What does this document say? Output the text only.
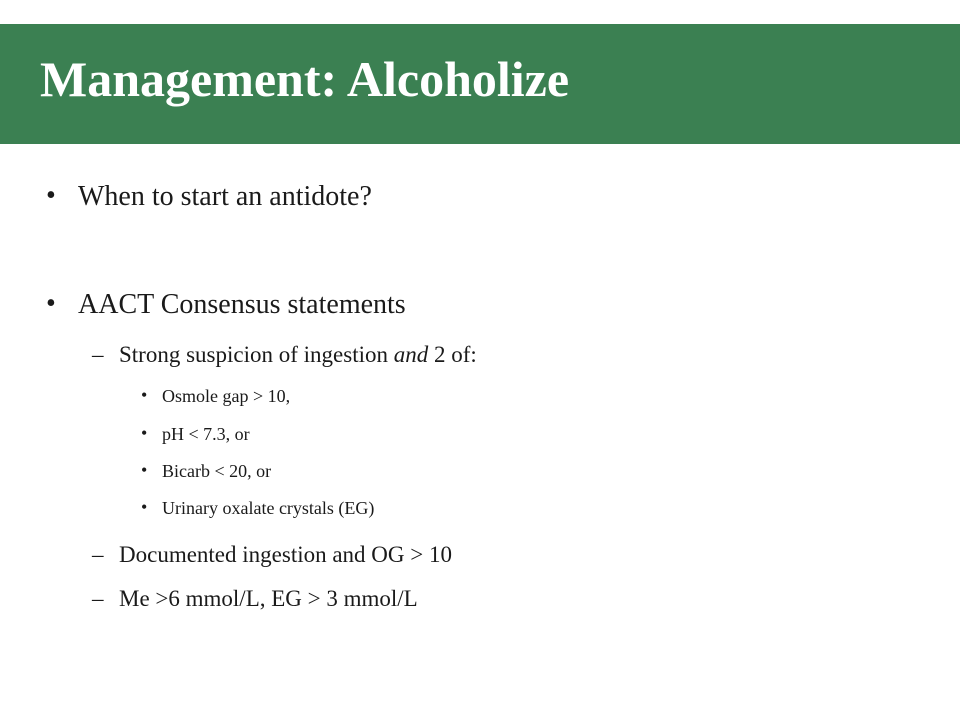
Management: Alcoholize
• When to start an antidote?
• AACT Consensus statements
– Strong suspicion of ingestion and 2 of:
• Osmole gap > 10,
• pH < 7.3, or
• Bicarb < 20, or
• Urinary oxalate crystals (EG)
– Documented ingestion and OG > 10
– Me >6 mmol/L, EG > 3 mmol/L
